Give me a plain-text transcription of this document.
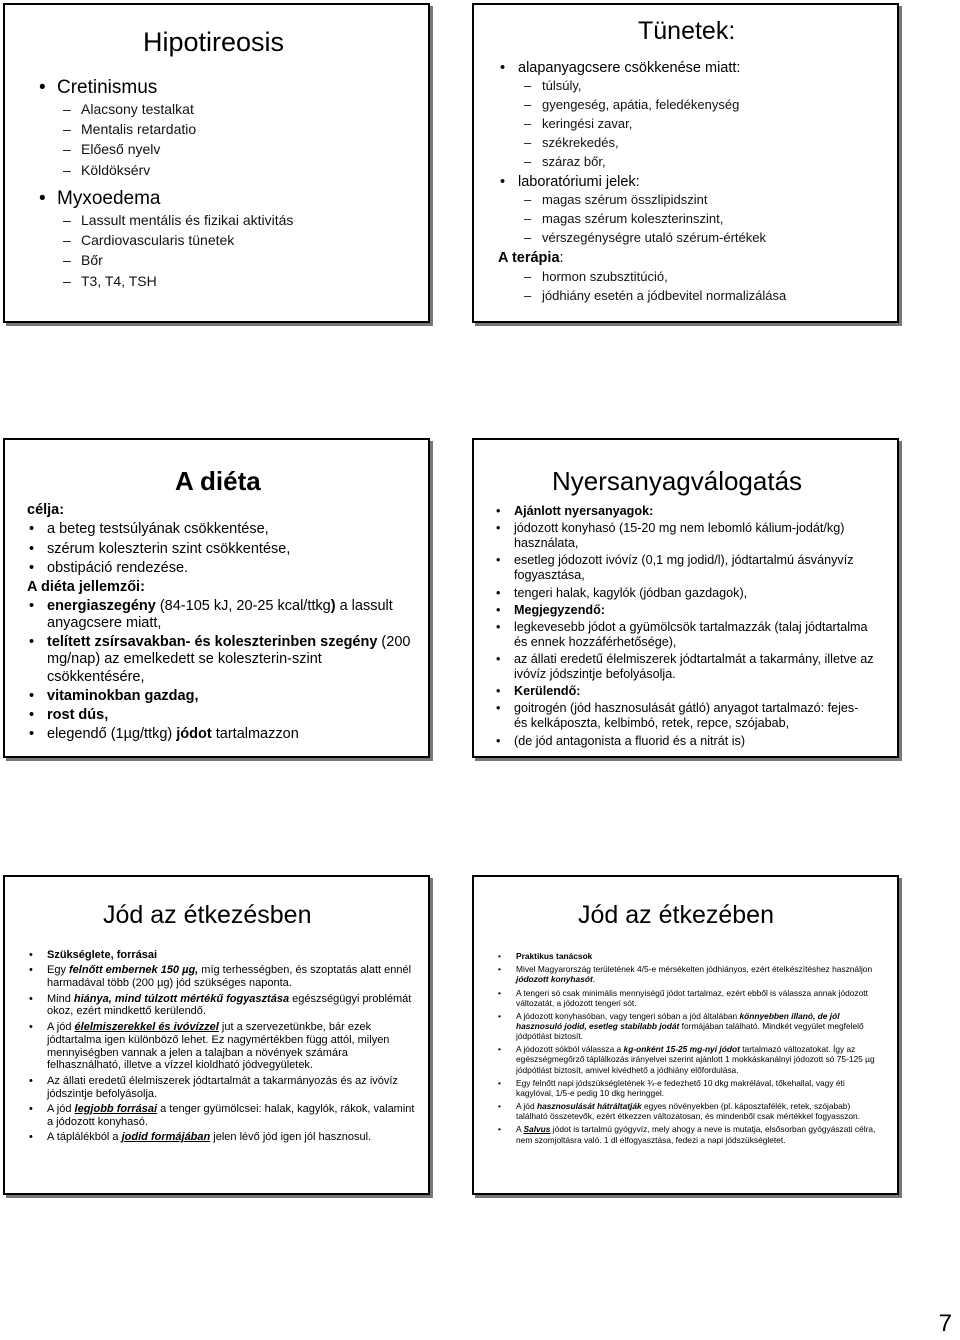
Hipotireosis
• Cretinismus
– Alacsony testalkat
– Mentalis retardatio
– Előeső nyelv
– Köldöksérv
• Myxoedema
– Lassult mentális és fizikai aktivitás
– Cardiovascularis tünetek
– Bőr
– T3, T4, TSH
Tünetek:
• alapanyagcsere csökkenése miatt:
– túlsúly,
– gyengeség, apátia, feledékenység
– keringési zavar,
– székrekedés,
– száraz bőr,
• laboratóriumi jelek:
– magas szérum összlipidszint
– magas szérum koleszterinszint,
– vérszegénységre utaló szérum-értékek
A terápia:
– hormon szubsztitúció,
– jódhiány esetén a jódbevitel normalizálása
A diéta
célja:
• a beteg testsúlyának csökkentése,
• szérum koleszterin szint csökkentése,
• obstipáció rendezése.
A diéta jellemzői:
• energiaszegény (84-105 kJ, 20-25 kcal/ttkg) a lassult anyagcsere miatt,
• telített zsírsavakban- és koleszterinben szegény (200 mg/nap) az emelkedett se koleszterin-szint csökkentésére,
• vitaminokban gazdag,
• rost dús,
• elegendő (1µg/ttkg) jódot tartalmazzon
Nyersanyagválogatás
• Ajánlott nyersanyagok:
• jódozott konyhasó (15-20 mg nem lebomló kálium-jodát/kg) használata,
• esetleg jódozott ivóvíz (0,1 mg jodid/l), jódtartalmú ásványvíz fogyasztása,
• tengeri halak, kagylók (jódban gazdagok),
• Megjegyzendő:
• legkevesebb jódot a gyümölcsök tartalmazzák (talaj jódtartalma és ennek hozzáférhetősége),
• az állati eredetű élelmiszerek jódtartalmát a takarmány, illetve az ivóvíz jódszintje befolyásolja.
• Kerülendő:
• goitrogén (jód hasznosulását gátló) anyagot tartalmazó: fejes- és kelkáposzta, kelbimbó, retek, repce, szójabab,
• (de jód antagonista a fluorid és a nitrát is)
Jód az étkezésben
• Szükséglete, forrásai
• Egy felnőtt embernek 150 µg, míg terhességben, és szoptatás alatt ennél harmadával több (200 µg) jód szükséges naponta.
• Mind hiánya, mind túlzott mértékű fogyasztása egészségügyi problémát okoz, ezért mindkettő kerülendő.
• A jód élelmiszerekkel és ivóvízzel jut a szervezetünkbe, bár ezek jódtartalma igen különböző lehet. Ez nagymértékben függ attól, milyen mennyiségben vannak a jelen a talajban a növények számára felhasználható, illetve a vízzel kioldható jódvegyületek.
• Az állati eredetű élelmiszerek jódtartalmát a takarmányozás és az ivóvíz jódszintje befolyásolja.
• A jód legjobb forrásai a tenger gyümölcsei: halak, kagylók, rákok, valamint a jódozott konyhasó.
• A táplálékból a jodid formájában jelen lévő jód igen jól hasznosul.
Jód az étkezében
• Praktikus tanácsok
• Mivel Magyarország területének 4/5-e mérsékelten jódhiányos, ezért ételkészítéshez használjon jódozott konyhasót.
• A tengeri só csak minimális mennyiségű jódot tartalmaz, ezért ebből is válassza annak jódozott változatát, a jódozott tengeri sót.
• A jódozott konyhasóban, vagy tengeri sóban a jód általában könnyebben illanó, de jól hasznosuló jodid, esetleg stabilabb jodát formájában található. Mindkét vegyület megfelelő jódpótlást biztosít.
• A jódozott sókból válassza a kg-onként 15-25 mg-nyi jódot tartalmazó változatokat. Így az egészségmegőrző táplálkozás irányelvei szerint ajánlott 1 mokkáskanálnyi jódozott só 75-125 µg jódpótlást biztosít, amivel kivédhető a jódhiány előfordulása.
• Egy felnőtt napi jódszükségletének ¾-e fedezhető 10 dkg makrélával, tőkehallal, vagy éti kagylóval, 1/5-e pedig 10 dkg heringgel.
• A jód hasznosulását hátráltatják egyes növényekben (pl. káposztafélék, retek, szójabab) található összetevők, ezért étkezzen változatosan, és mindenből csak mértékkel fogyasszon.
• A Salvus jódot is tartalmú gyógyvíz, mely ahogy a neve is mutatja, elsősorban gyógyászati célra, nem szomjoltásra való. 1 dl elfogyasztása, fedezi a napi jódszükségletet.
7
